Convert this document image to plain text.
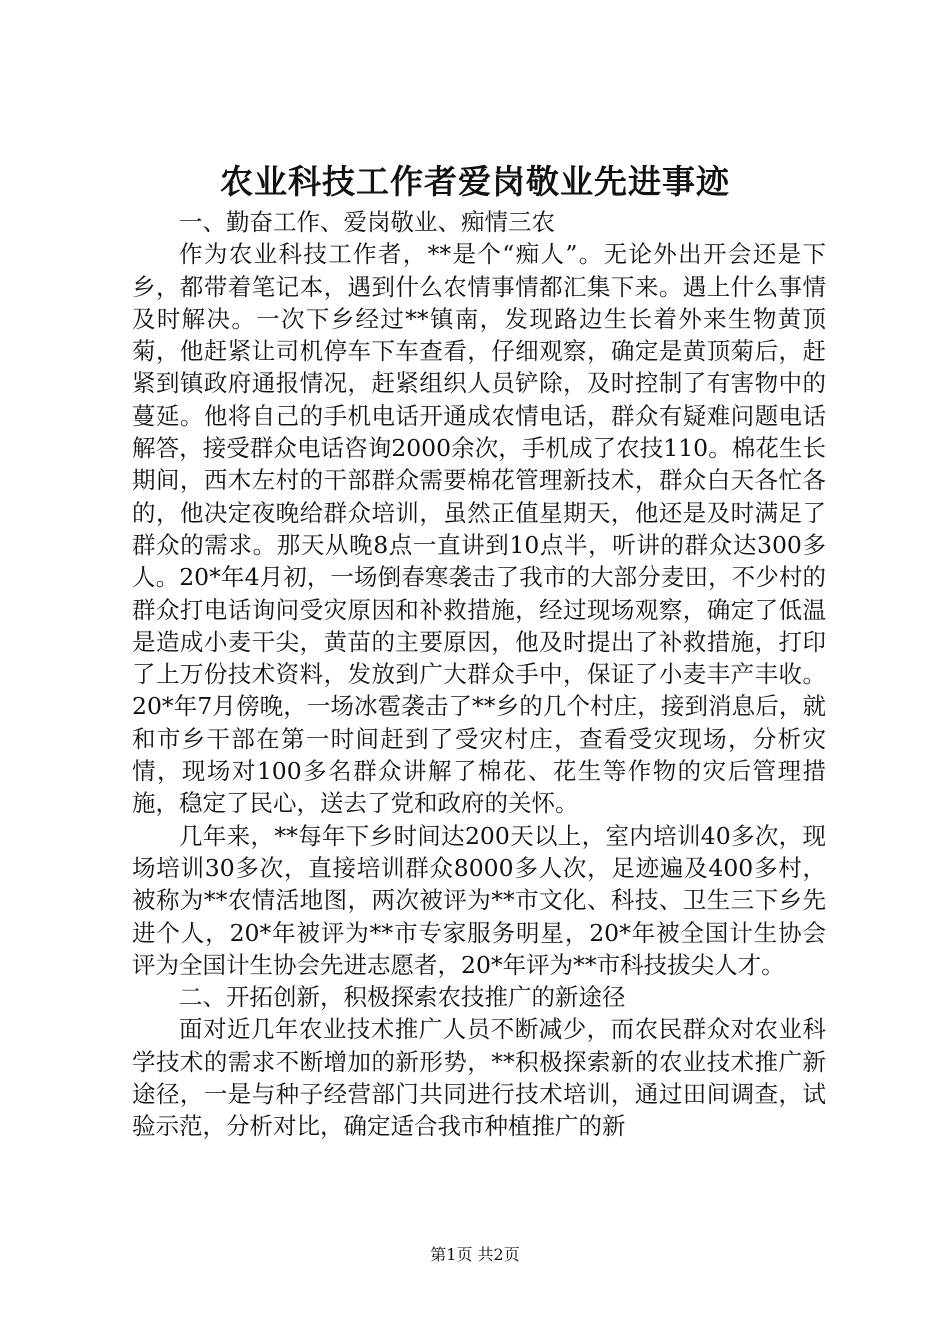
农业科技工作者爱岗敬业先进事迹

一、勤奋工作、爱岗敬业、痴情三农

作为农业科技工作者，**是个“痴人”。无论外出开会还是下乡，都带着笔记本，遇到什么农情事情都汇集下来。遇上什么事情及时解决。一次下乡经过**镇南，发现路边生长着外来生物黄顶菊，他赶紧让司机停车下车查看，仔细观察，确定是黄顶菊后，赶紧到镇政府通报情况，赶紧组织人员铲除，及时控制了有害物中的蔓延。他将自己的手机电话开通成农情电话，群众有疑难问题电话解答，接受群众电话咨询2000余次，手机成了农技110。棉花生长期间，西木左村的干部群众需要棉花管理新技术，群众白天各忙各的，他决定夜晚给群众培训，虽然正值星期天，他还是及时满足了群众的需求。那天从晚8点一直讲到10点半，听讲的群众达300多人。20*年4月初，一场倒春寒袭击了我市的大部分麦田，不少村的群众打电话询问受灾原因和补救措施，经过现场观察，确定了低温是造成小麦干尖，黄苗的主要原因，他及时提出了补救措施，打印了上万份技术资料，发放到广大群众手中，保证了小麦丰产丰收。20*年7月傍晚，一场冰雹袭击了**乡的几个村庄，接到消息后，就和市乡干部在第一时间赶到了受灾村庄，查看受灾现场，分析灾情，现场对100多名群众讲解了棉花、花生等作物的灾后管理措施，稳定了民心，送去了党和政府的关怀。

几年来，**每年下乡时间达200天以上，室内培训40多次，现场培训30多次，直接培训群众8000多人次，足迹遍及400多村，被称为**农情活地图，两次被评为**市文化、科技、卫生三下乡先进个人，20*年被评为**市专家服务明星，20*年被全国计生协会评为全国计生协会先进志愿者，20*年评为**市科技拔尖人才。

二、开拓创新，积极探索农技推广的新途径

面对近几年农业技术推广人员不断减少，而农民群众对农业科学技术的需求不断增加的新形势，**积极探索新的农业技术推广新途径，一是与种子经营部门共同进行技术培训，通过田间调查，试验示范，分析对比，确定适合我市种植推广的新

第1页 共2页
